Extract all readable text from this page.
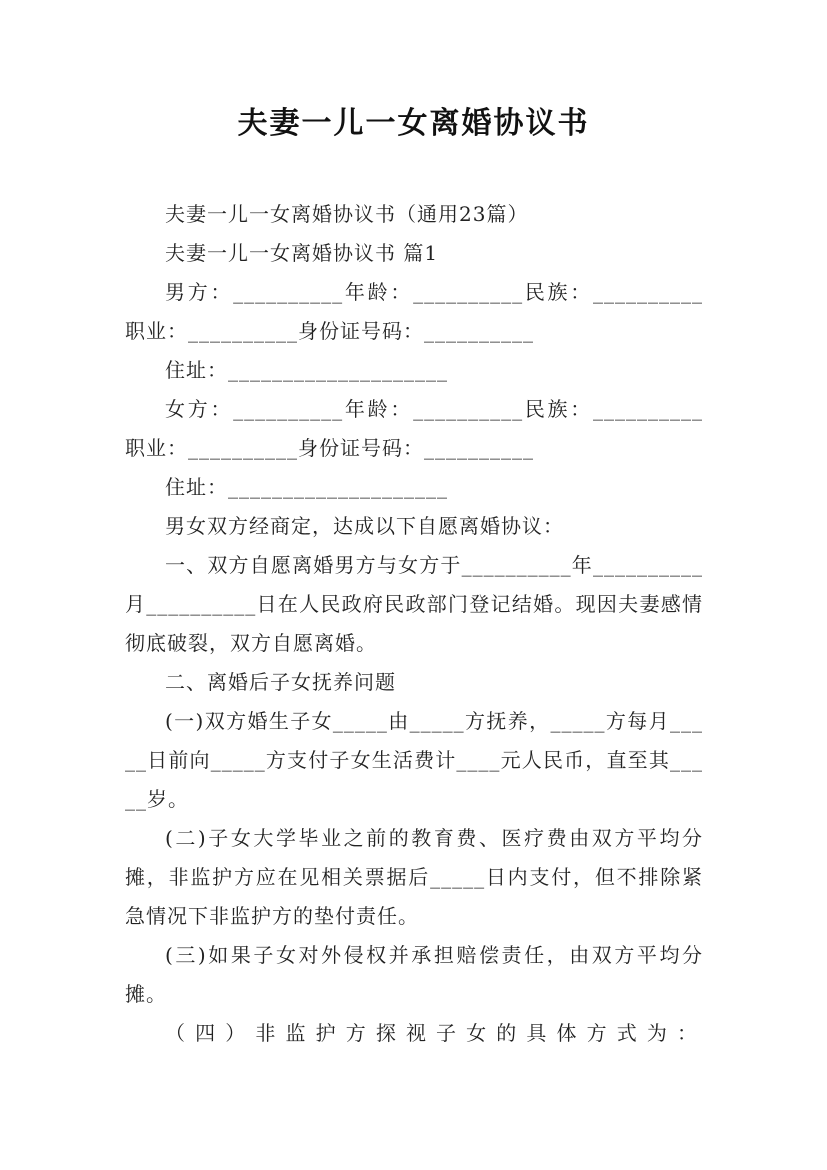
夫妻一儿一女离婚协议书

夫妻一儿一女离婚协议书（通用23篇）

夫妻一儿一女离婚协议书 篇1

男方：__________年龄：__________民族：__________职业：__________身份证号码：__________

住址：____________________

女方：__________年龄：__________民族：__________职业：__________身份证号码：__________

住址：____________________

男女双方经商定，达成以下自愿离婚协议：

一、双方自愿离婚男方与女方于__________年__________月__________日在人民政府民政部门登记结婚。现因夫妻感情彻底破裂，双方自愿离婚。

二、离婚后子女抚养问题

(一)双方婚生子女_____由_____方抚养，_____方每月_____日前向_____方支付子女生活费计____元人民币，直至其_____岁。

(二)子女大学毕业之前的教育费、医疗费由双方平均分摊，非监护方应在见相关票据后_____日内支付，但不排除紧急情况下非监护方的垫付责任。

(三)如果子女对外侵权并承担赔偿责任，由双方平均分摊。

（四）非监护方探视子女的具体方式为：
